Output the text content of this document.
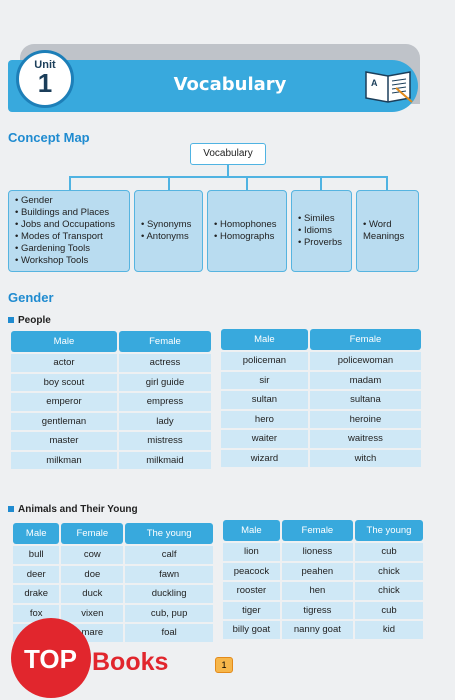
Unit
1	Vocabulary	A
Concept Map
Vocabulary
• Gender
• Buildings and Places
• Jobs and Occupations
• Modes of Transport
• Gardening Tools
• Workshop Tools
• Synonyms
• Antonyms
• Homophones
• Homographs
• Similes
• Idioms
• Proverbs
• Word Meanings
Gender
People
Male	Female
actor	actress
boy scout	girl guide
emperor	empress
gentleman	lady
master	mistress
milkman	milkmaid
Male	Female
policeman	policewoman
sir	madam
sultan	sultana
hero	heroine
waiter	waitress
wizard	witch
Animals and Their Young
Male	Female	The young
bull	cow	calf
deer	doe	fawn
drake	duck	duckling
fox	vixen	cub, pup
	mare	foal
Male	Female	The young
lion	lioness	cub
peacock	peahen	chick
rooster	hen	chick
tiger	tigress	cub
billy goat	nanny goat	kid
1
TOP Books
